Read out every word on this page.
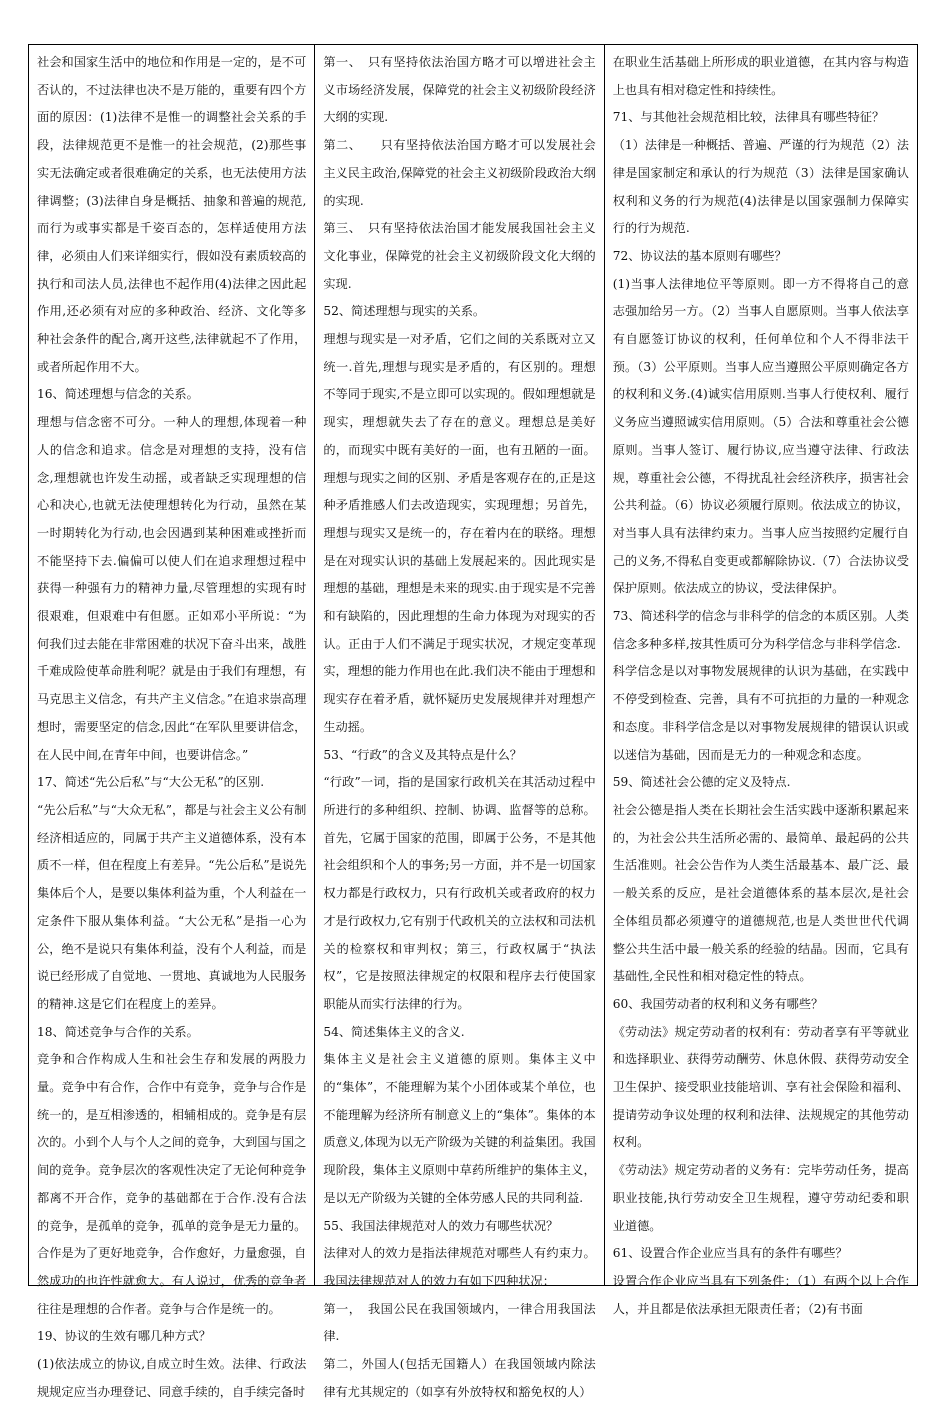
社会和国家生活中的地位和作用是一定的，是不可否认的，不过法律也决不是万能的，重要有四个方面的原因：(1)法律不是惟一的调整社会关系的手段，法律规范更不是惟一的社会规范，(2)那些事实无法确定或者很难确定的关系，也无法使用方法律调整；(3)法律自身是概括、抽象和普遍的规范,而行为或事实都是千姿百态的，怎样适使用方法律，必须由人们来详细实行，假如没有素质较高的执行和司法人员,法律也不起作用(4)法律之因此起作用,还必须有对应的多种政治、经济、文化等多种社会条件的配合,离开这些,法律就起不了作用，或者所起作用不大。

16、简述理想与信念的关系。

理想与信念密不可分。一种人的理想,体现着一种人的信念和追求。信念是对理想的支持，没有信念,理想就也许发生动摇，或者缺乏实现理想的信心和决心,也就无法使理想转化为行动，虽然在某一时期转化为行动,也会因遇到某种困难或挫折而不能坚持下去.偏偏可以使人们在追求理想过程中获得一种强有力的精神力量,尽管理想的实现有时很艰难，但艰难中有但愿。正如邓小平所说：“为何我们过去能在非常困难的状况下奋斗出来，战胜千难成险使革命胜利呢？就是由于我们有理想，有马克思主义信念，有共产主义信念。”在追求崇高理想时，需要坚定的信念,因此“在军队里要讲信念，在人民中间,在青年中间，也要讲信念。”

17、简述“先公后私”与“大公无私”的区别.

“先公后私”与“大众无私”，都是与社会主义公有制经济相适应的，同属于共产主义道德体系，没有本质不一样，但在程度上有差异。“先公后私”是说先集体后个人，是要以集体利益为重，个人利益在一定条件下服从集体利益。“大公无私”是指一心为公，绝不是说只有集体利益，没有个人利益，而是说已经形成了自觉地、一贯地、真诚地为人民服务的精神.这是它们在程度上的差异。

18、简述竞争与合作的关系。

竞争和合作构成人生和社会生存和发展的两股力量。竞争中有合作，合作中有竞争，竞争与合作是统一的，是互相渗透的，相辅相成的。竞争是有层次的。小到个人与个人之间的竞争，大到国与国之间的竞争。竞争层次的客观性决定了无论何种竞争都离不开合作，竞争的基础都在于合作.没有合法的竞争，是孤单的竞争，孤单的竞争是无力量的。合作是为了更好地竞争，合作愈好，力量愈强，自然成功的也许性就愈大。有人说过，优秀的竞争者往往是理想的合作者。竞争与合作是统一的。

19、协议的生效有哪几种方式？

(1)依法成立的协议,自成立时生效。法律、行政法规规定应当办理登记、同意手续的，自手续完备时

第一、　只有坚持依法治国方略才可以增进社会主义市场经济发展，保障党的社会主义初级阶段经济大纲的实现.

第二、　　只有坚持依法治国方略才可以发展社会主义民主政治,保障党的社会主义初级阶段政治大纲的实现.

第三、　只有坚持依法治国才能发展我国社会主义文化事业，保障党的社会主义初级阶段文化大纲的实现.

52、简述理想与现实的关系。

理想与现实是一对矛盾，它们之间的关系既对立又统一.首先,理想与现实是矛盾的，有区别的。理想不等同于现实,不是立即可以实现的。假如理想就是现实，理想就失去了存在的意义。理想总是美好的，而现实中既有美好的一面，也有丑陋的一面。理想与现实之间的区别、矛盾是客观存在的,正是这种矛盾推感人们去改造现实，实现理想；另首先，理想与现实又是统一的，存在着内在的联络。理想是在对现实认识的基础上发展起来的。因此现实是理想的基础，理想是未来的现实.由于现实是不完善和有缺陷的，因此理想的生命力体现为对现实的否认。正由于人们不满足于现实状况，才规定变革现实，理想的能力作用也在此.我们决不能由于理想和现实存在着矛盾，就怀疑历史发展规律并对理想产生动摇。

53、“行政”的含义及其特点是什么？

“行政”一词，指的是国家行政机关在其活动过程中所进行的多种组织、控制、协调、监督等的总称。首先，它属于国家的范围，即属于公务，不是其他社会组织和个人的事务;另一方面，并不是一切国家权力都是行政权力，只有行政机关或者政府的权力才是行政权力,它有别于代政机关的立法权和司法机关的检察权和审判权；第三，行政权属于“执法权”，它是按照法律规定的权限和程序去行使国家职能从而实行法律的行为。

54、简述集体主义的含义.

集体主义是社会主义道德的原则。集体主义中的“集体”，不能理解为某个小团体或某个单位，也不能理解为经济所有制意义上的“集体”。集体的本质意义,体现为以无产阶级为关键的利益集团。我国现阶段，集体主义原则中草药所维护的集体主义，是以无产阶级为关键的全体劳感人民的共同利益.

55、我国法律规范对人的效力有哪些状况？

法律对人的效力是指法律规范对哪些人有约束力。我国法律规范对人的效力有如下四种状况：

第一，　我国公民在我国领域内，一律合用我国法律.

第二，外国人(包括无国籍人）在我国领域内除法律有尤其规定的（如享有外放特权和豁免权的人）

在职业生活基础上所形成的职业道德，在其内容与构造上也具有相对稳定性和持续性。

71、与其他社会规范相比较，法律具有哪些特征？

（1）法律是一种概括、普遍、严谨的行为规范（2）法律是国家制定和承认的行为规范（3）法律是国家确认权利和义务的行为规范(4)法律是以国家强制力保障实行的行为规范.

72、协议法的基本原则有哪些？

(1)当事人法律地位平等原则。即一方不得将自己的意志强加给另一方。（2）当事人自愿原则。当事人依法享有自愿签订协议的权利，任何单位和个人不得非法干预。（3）公平原则。当事人应当遵照公平原则确定各方的权利和义务.(4)诚实信用原则.当事人行使权利、履行义务应当遵照诚实信用原则。（5）合法和尊重社会公德原则。当事人签订、履行协议,应当遵守法律、行政法规，尊重社会公德，不得扰乱社会经济秩序，损害社会公共利益。（6）协议必须履行原则。依法成立的协议，对当事人具有法律约束力。当事人应当按照约定履行自己的义务,不得私自变更或都解除协议.（7）合法协议受保护原则。依法成立的协议，受法律保护。

73、简述科学的信念与非科学的信念的本质区别。人类信念多种多样,按其性质可分为科学信念与非科学信念.

科学信念是以对事物发展规律的认识为基础，在实践中不停受到检查、完善，具有不可抗拒的力量的一种观念和态度。非科学信念是以对事物发展规律的错误认识或以迷信为基础，因而是无力的一种观念和态度。

59、简述社会公德的定义及特点.

社会公德是指人类在长期社会生活实践中逐渐积累起来的，为社会公共生活所必需的、最简单、最起码的公共生活准则。社会公告作为人类生活最基本、最广泛、最一般关系的反应，是社会道德体系的基本层次,是社会全体组员都必须遵守的道德规范,也是人类世世代代调整公共生活中最一般关系的经验的结晶。因而，它具有基础性,全民性和相对稳定性的特点。

60、我国劳动者的权利和义务有哪些？

《劳动法》规定劳动者的权利有：劳动者享有平等就业和选择职业、获得劳动酬劳、休息休假、获得劳动安全卫生保护、接受职业技能培训、享有社会保险和福利、提请劳动争议处理的权利和法律、法规规定的其他劳动权利。

《劳动法》规定劳动者的义务有：完毕劳动任务，提高职业技能,执行劳动安全卫生规程，遵守劳动纪委和职业道德。

61、设置合作企业应当具有的条件有哪些？

设置合作企业应当具有下列条件：（1）有两个以上合作人，并且都是依法承担无限责任者；（2)有书面
